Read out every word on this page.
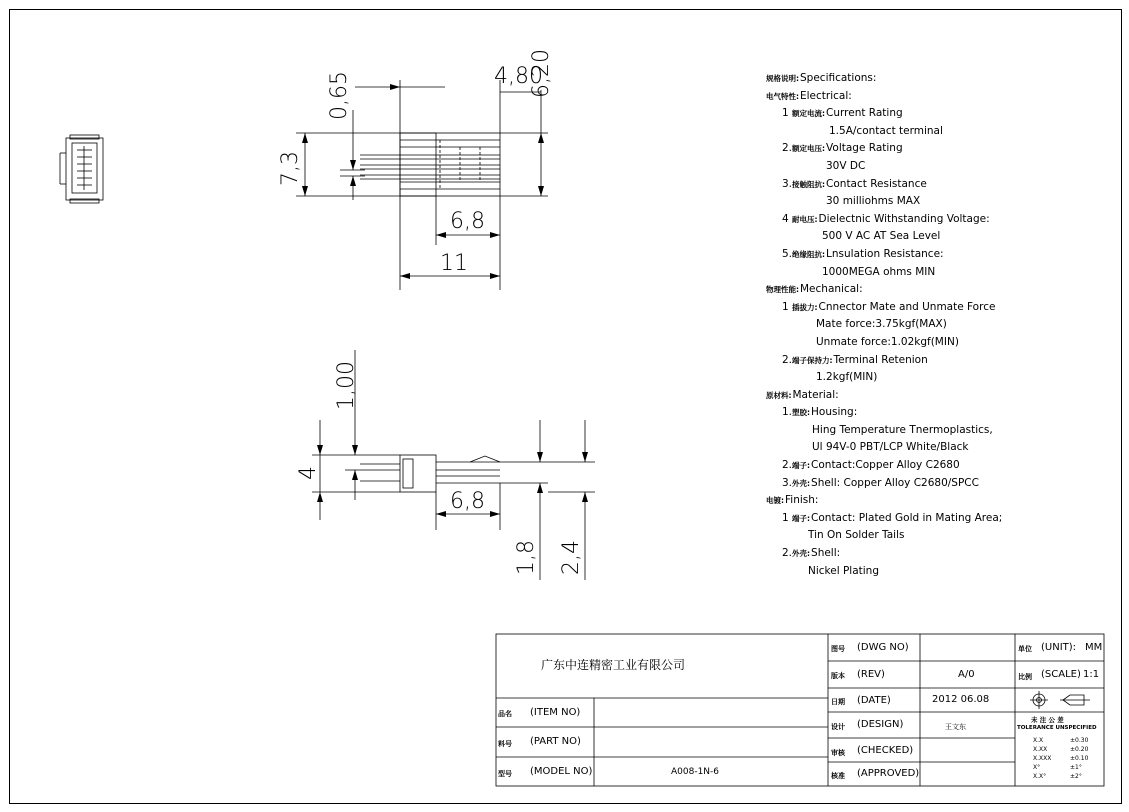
0,65	4,80
6,20
7,3
6,8
11
1,00
4
6,8
1,8 2,4
规格说明:Specifications:
电气特性:Electrical:
1 额定电流:Current Rating
1.5A/contact terminal
2.额定电压:Voltage Rating
30V DC
3.接触阻抗:Contact Resistance
30 milliohms MAX
4 耐电压:Dielectnic Withstanding Voltage:
500 V AC AT Sea Level
5.绝缘阻抗:Lnsulation Resistance:
1000MEGA ohms MIN
物理性能:Mechanical:
1 插拔力:Cnnector Mate and Unmate Force
Mate force:3.75kgf(MAX)
Unmate force:1.02kgf(MIN)
2.端子保持力:Terminal Retenion
1.2kgf(MIN)
原材料:Material:
1.塑胶:Housing:
Hing Temperature Tnermoplastics,
Ul 94V-0 PBT/LCP White/Black
2.端子:Contact:Copper Alloy C2680
3.外壳:Shell: Copper Alloy C2680/SPCC
电镀:Finish:
1 端子:Contact: Plated Gold in Mating Area;
Tin On Solder Tails
2.外壳:Shell:
Nickel Plating
广东中连精密工业有限公司
品名 (ITEM NO)
料号 (PART NO)
型号 (MODEL NO)	A008-1N-6
图号 (DWG NO)
版本 (REV)	A/0
日期 (DATE)	2012 06.08
设计 (DESIGN)	王文东
审核 (CHECKED)
核准 (APPROVED)
单位 (UNIT): MM
比例 (SCALE) 1:1
未 注 公 差
TOLERANCE UNSPECIFIED
X.X	±0.30
X.XX	±0.20
X.XXX	±0.10
X°	±1°
X.X°	±2°
